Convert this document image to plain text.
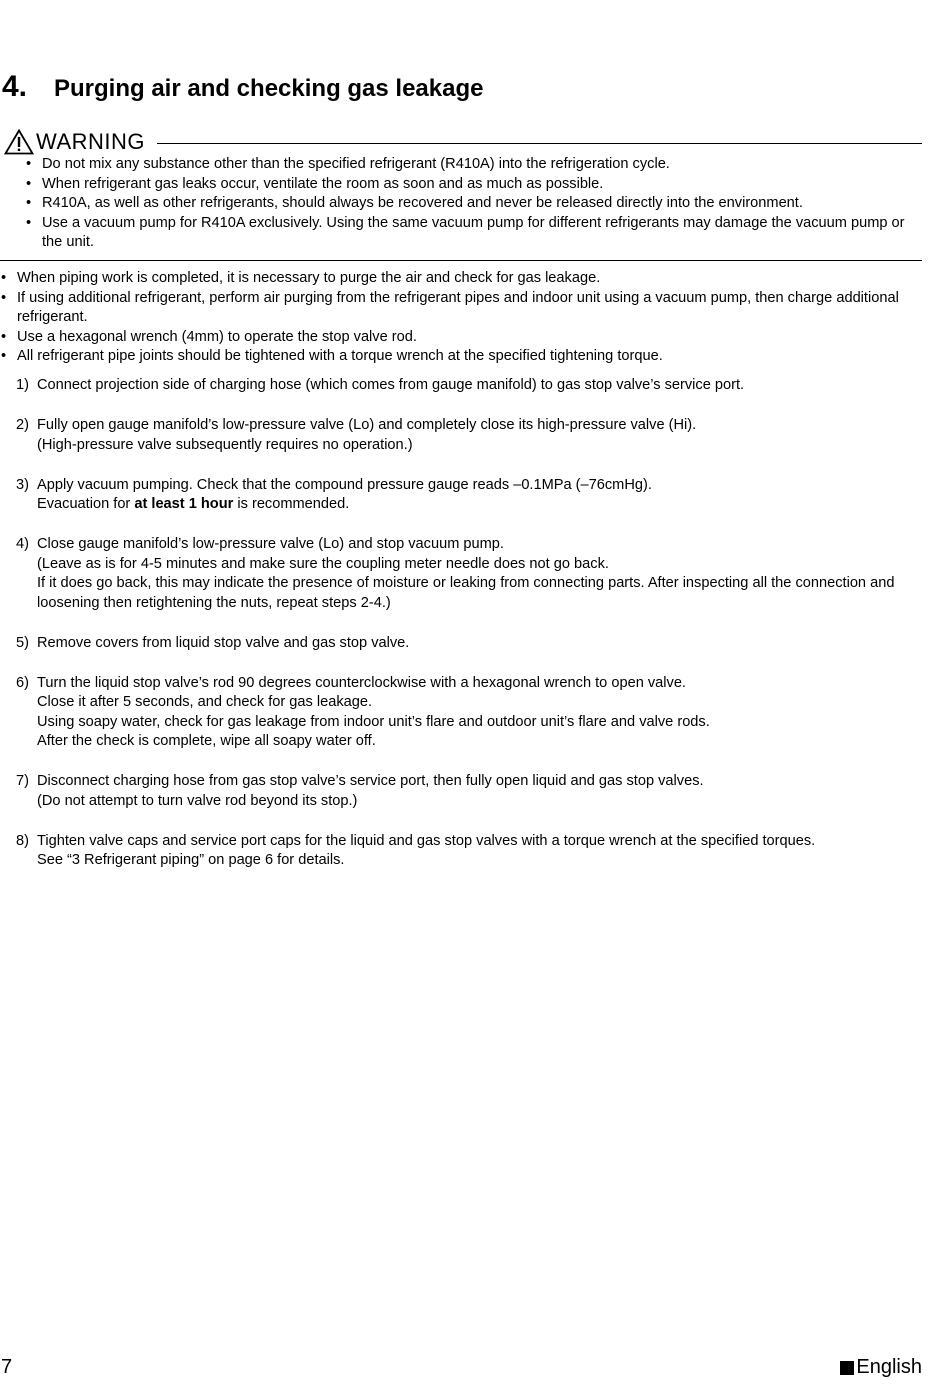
4.	Purging air and checking gas leakage
WARNING
• Do not mix any substance other than the specified refrigerant (R410A) into the refrigeration cycle.
• When refrigerant gas leaks occur, ventilate the room as soon and as much as possible.
• R410A, as well as other refrigerants, should always be recovered and never be released directly into the environment.
• Use a vacuum pump for R410A exclusively. Using the same vacuum pump for different refrigerants may damage the vacuum pump or the unit.
• When piping work is completed, it is necessary to purge the air and check for gas leakage.
• If using additional refrigerant, perform air purging from the refrigerant pipes and indoor unit using a vacuum pump, then charge additional refrigerant.
• Use a hexagonal wrench (4mm) to operate the stop valve rod.
• All refrigerant pipe joints should be tightened with a torque wrench at the specified tightening torque.
1) Connect projection side of charging hose (which comes from gauge manifold) to gas stop valve’s service port.
2) Fully open gauge manifold’s low-pressure valve (Lo) and completely close its high-pressure valve (Hi).
(High-pressure valve subsequently requires no operation.)
3) Apply vacuum pumping. Check that the compound pressure gauge reads –0.1MPa (–76cmHg).
Evacuation for at least 1 hour is recommended.
4) Close gauge manifold’s low-pressure valve (Lo) and stop vacuum pump.
(Leave as is for 4-5 minutes and make sure the coupling meter needle does not go back.
If it does go back, this may indicate the presence of moisture or leaking from connecting parts. After inspecting all the connection and loosening then retightening the nuts, repeat steps 2-4.)
5) Remove covers from liquid stop valve and gas stop valve.
6) Turn the liquid stop valve’s rod 90 degrees counterclockwise with a hexagonal wrench to open valve.
Close it after 5 seconds, and check for gas leakage.
Using soapy water, check for gas leakage from indoor unit’s flare and outdoor unit’s flare and valve rods.
After the check is complete, wipe all soapy water off.
7) Disconnect charging hose from gas stop valve’s service port, then fully open liquid and gas stop valves.
(Do not attempt to turn valve rod beyond its stop.)
8) Tighten valve caps and service port caps for the liquid and gas stop valves with a torque wrench at the specified torques.
See “3 Refrigerant piping” on page 6 for details.
7	English
